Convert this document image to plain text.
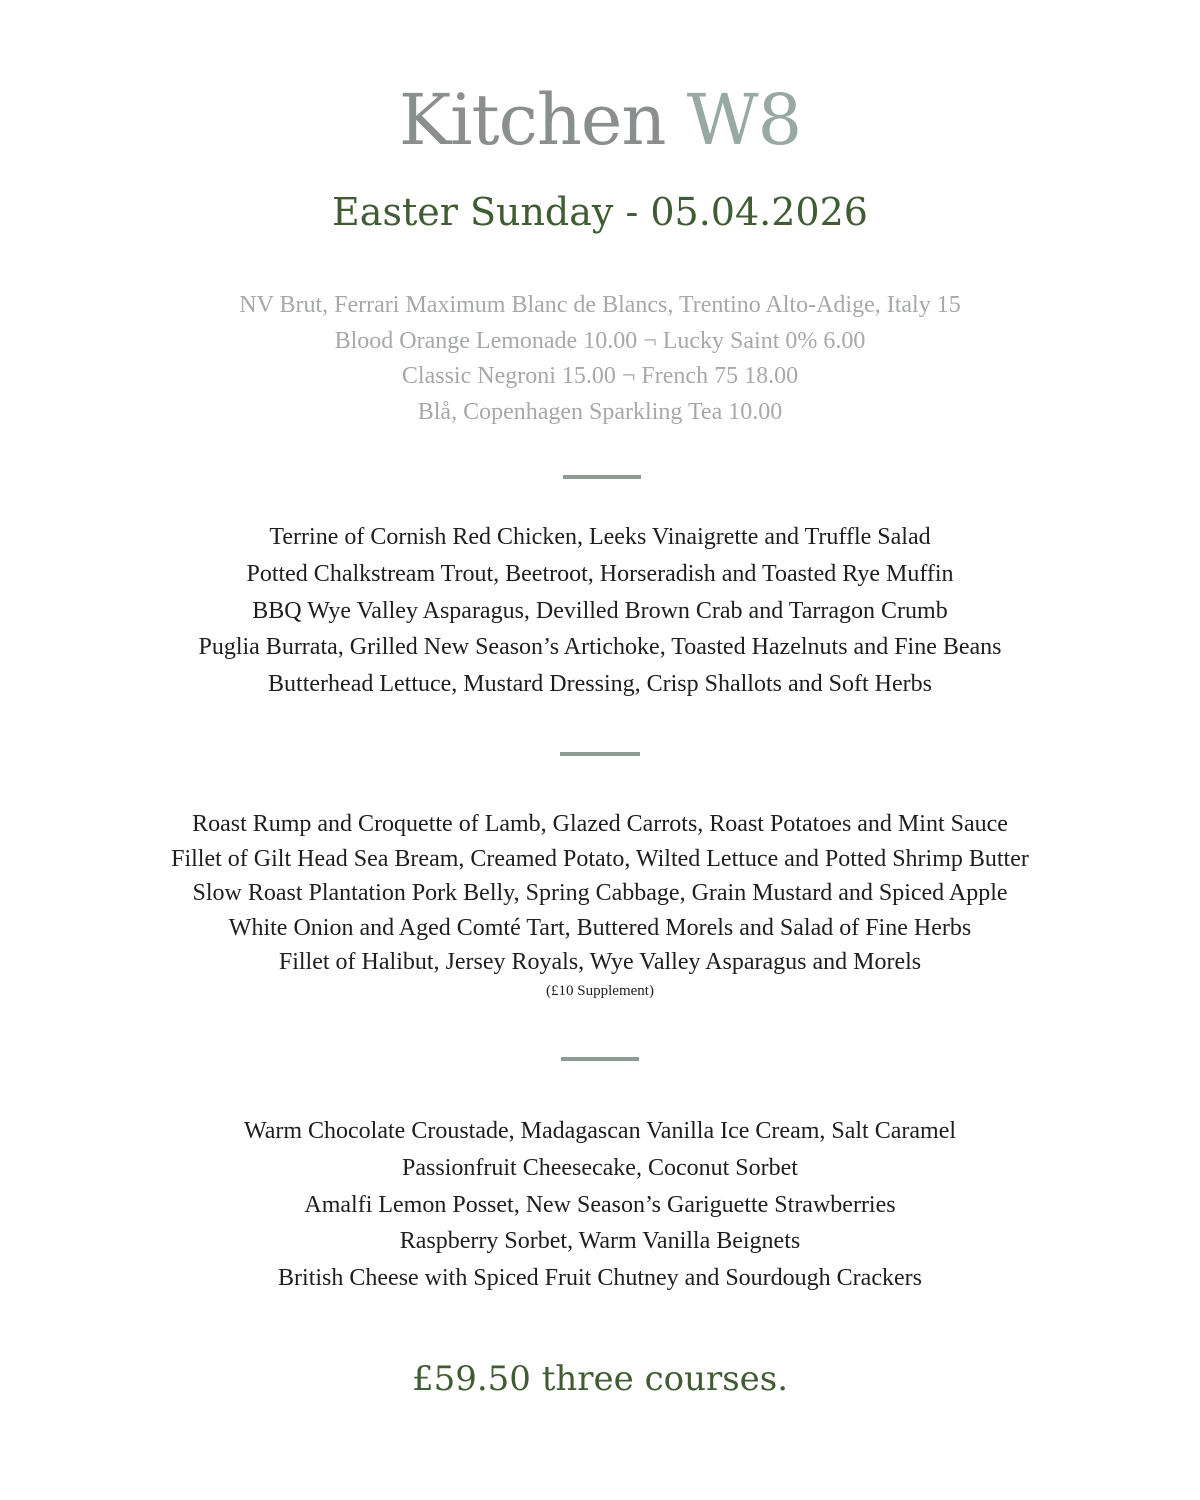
Kitchen W8
Easter Sunday - 05.04.2026
NV Brut, Ferrari Maximum Blanc de Blancs, Trentino Alto-Adige, Italy 15
Blood Orange Lemonade 10.00 ¬ Lucky Saint 0% 6.00
Classic Negroni 15.00 ¬ French 75 18.00
Blå, Copenhagen Sparkling Tea 10.00
Terrine of Cornish Red Chicken, Leeks Vinaigrette and Truffle Salad
Potted Chalkstream Trout, Beetroot, Horseradish and Toasted Rye Muffin
BBQ Wye Valley Asparagus, Devilled Brown Crab and Tarragon Crumb
Puglia Burrata, Grilled New Season’s Artichoke, Toasted Hazelnuts and Fine Beans
Butterhead Lettuce, Mustard Dressing, Crisp Shallots and Soft Herbs
Roast Rump and Croquette of Lamb, Glazed Carrots, Roast Potatoes and Mint Sauce
Fillet of Gilt Head Sea Bream, Creamed Potato, Wilted Lettuce and Potted Shrimp Butter
Slow Roast Plantation Pork Belly, Spring Cabbage, Grain Mustard and Spiced Apple
White Onion and Aged Comté Tart, Buttered Morels and Salad of Fine Herbs
Fillet of Halibut, Jersey Royals, Wye Valley Asparagus and Morels
(£10 Supplement)
Warm Chocolate Croustade, Madagascan Vanilla Ice Cream, Salt Caramel
Passionfruit Cheesecake, Coconut Sorbet
Amalfi Lemon Posset, New Season’s Gariguette Strawberries
Raspberry Sorbet, Warm Vanilla Beignets
British Cheese with Spiced Fruit Chutney and Sourdough Crackers
£59.50 three courses.
